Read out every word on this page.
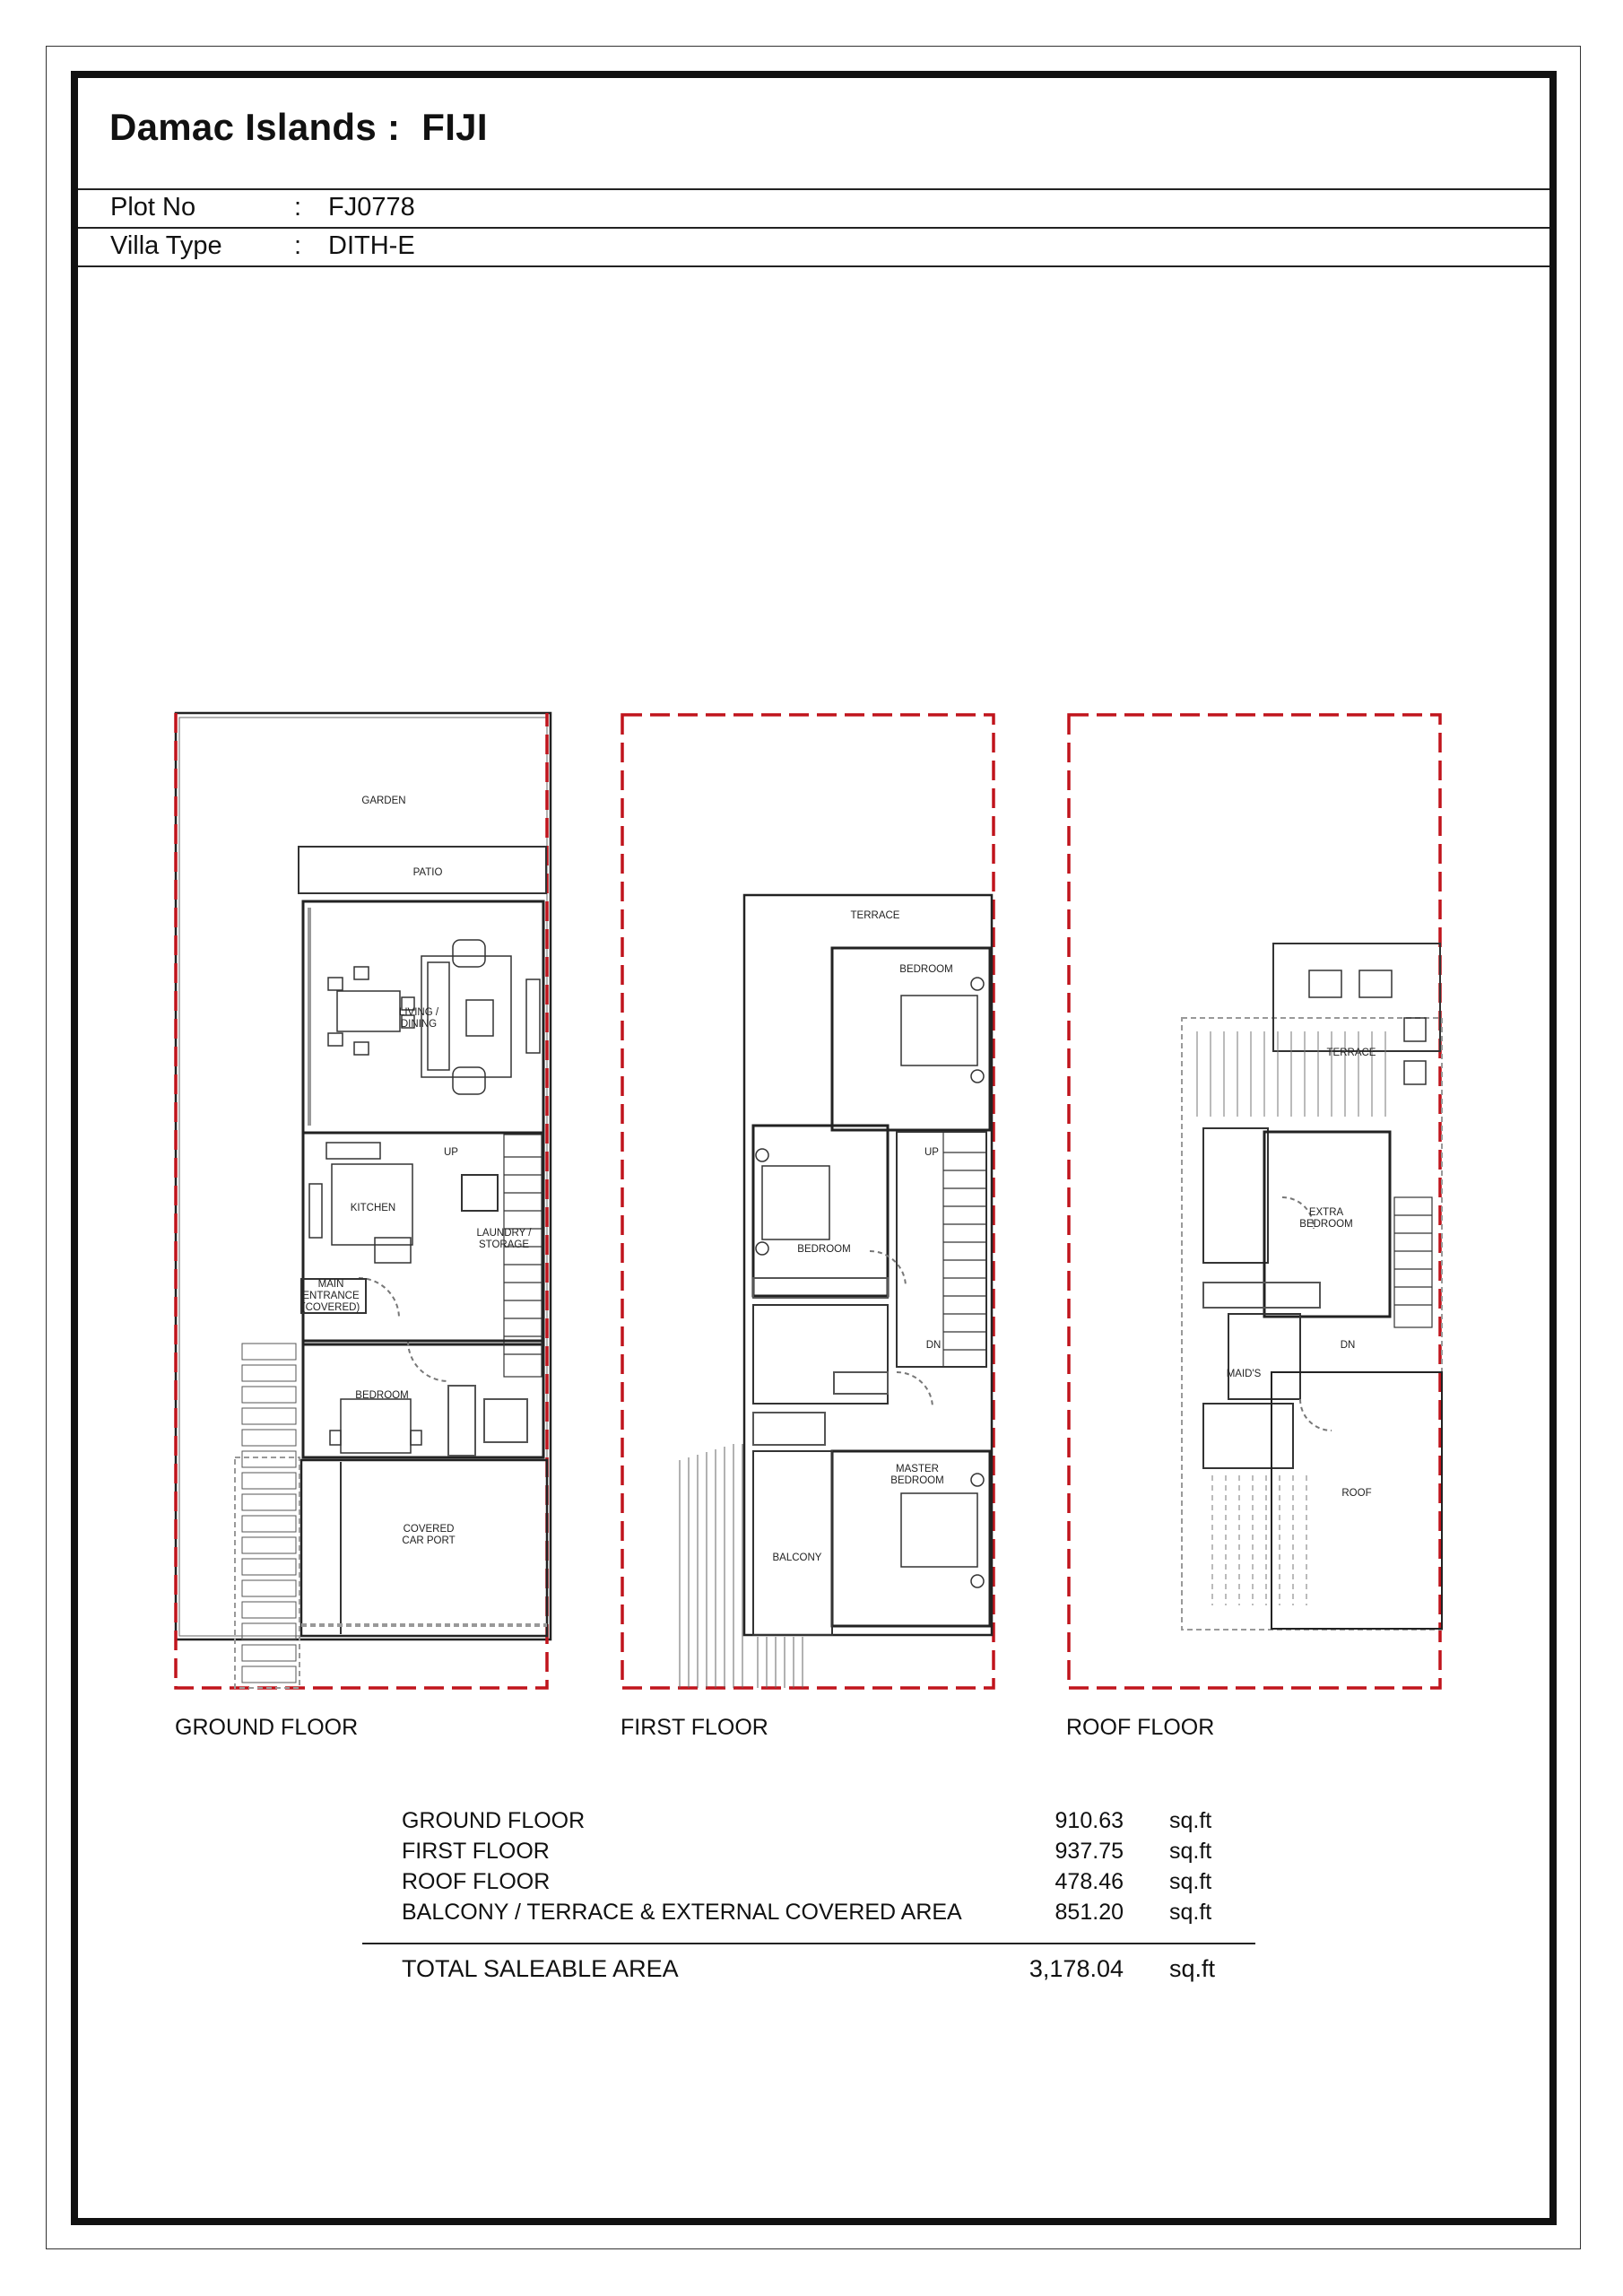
Damac Islands :  FIJI
Plot No	:	FJ0778
Villa Type	:	DITH-E
GARDEN
PATIO
LIVING /
DINING
KITCHEN
UP
LAUNDRY /
STORAGE
MAIN
ENTRANCE
(COVERED)
BEDROOM
COVERED
CAR PORT
TERRACE
BEDROOM
BEDROOM
UP
DN
MASTER
BEDROOM
BALCONY
TERRACE
EXTRA
BEDROOM
DN
MAID'S
ROOF
GROUND FLOOR	FIRST FLOOR	ROOF FLOOR
GROUND FLOOR	910.63 sq.ft
FIRST FLOOR	937.75 sq.ft
ROOF FLOOR	478.46 sq.ft
BALCONY / TERRACE & EXTERNAL COVERED AREA	851.20 sq.ft
TOTAL SALEABLE AREA	3,178.04 sq.ft
